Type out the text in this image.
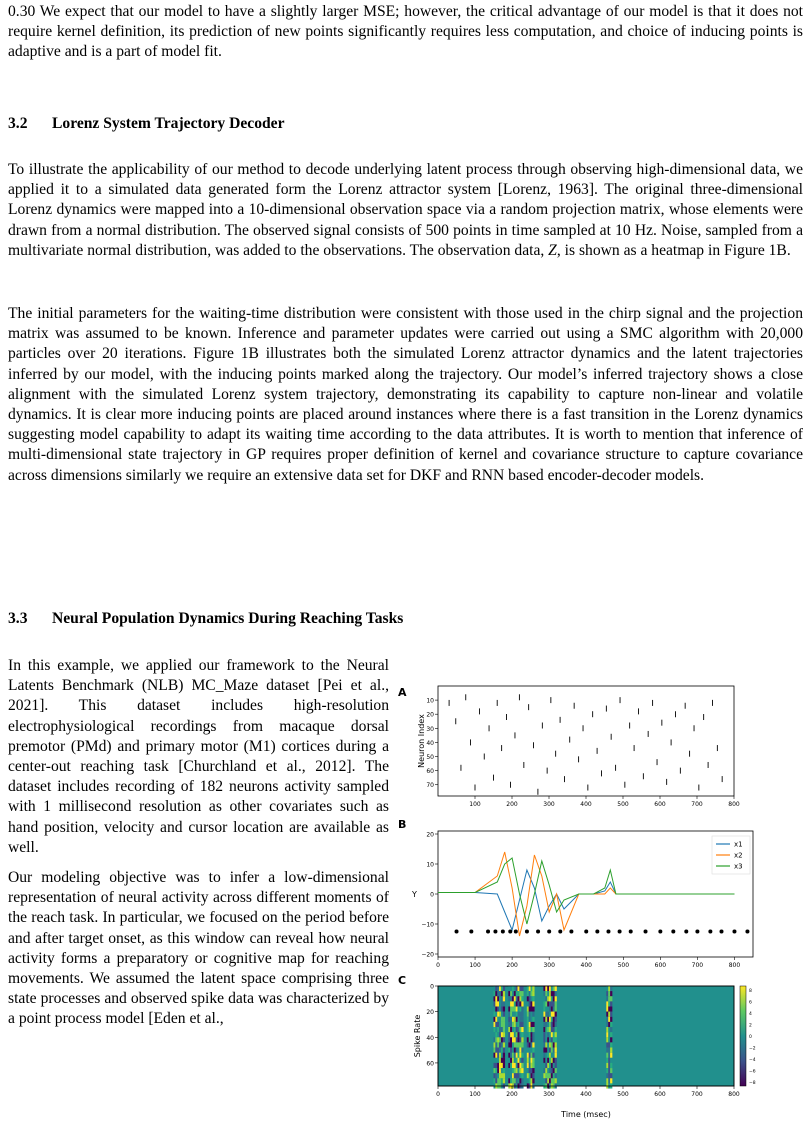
0.30 We expect that our model to have a slightly larger MSE; however, the critical advantage of our model is that it does not require kernel definition, its prediction of new points significantly requires less computation, and choice of inducing points is adaptive and is a part of model fit.

3.2 Lorenz System Trajectory Decoder

To illustrate the applicability of our method to decode underlying latent process through observing high-dimensional data, we applied it to a simulated data generated form the Lorenz attractor system [Lorenz, 1963]. The original three-dimensional Lorenz dynamics were mapped into a 10-dimensional observation space via a random projection matrix, whose elements were drawn from a normal distribution. The observed signal consists of 500 points in time sampled at 10 Hz. Noise, sampled from a multivariate normal distribution, was added to the observations. The observation data, Z, is shown as a heatmap in Figure 1B.

The initial parameters for the waiting-time distribution were consistent with those used in the chirp signal and the projection matrix was assumed to be known. Inference and parameter updates were carried out using a SMC algorithm with 20,000 particles over 20 iterations. Figure 1B illustrates both the simulated Lorenz attractor dynamics and the latent trajectories inferred by our model, with the inducing points marked along the trajectory. Our model’s inferred trajectory shows a close alignment with the simulated Lorenz system trajectory, demonstrating its capability to capture non-linear and volatile dynamics. It is clear more inducing points are placed around instances where there is a fast transition in the Lorenz dynamics suggesting model capability to adapt its waiting time according to the data attributes. It is worth to mention that inference of multi-dimensional state trajectory in GP requires proper definition of kernel and covariance structure to capture covariance across dimensions similarly we require an extensive data set for DKF and RNN based encoder-decoder models.

3.3 Neural Population Dynamics During Reaching Tasks

In this example, we applied our framework to the Neural Latents Benchmark (NLB) MC_Maze dataset [Pei et al., 2021]. This dataset includes high-resolution electrophysiological recordings from macaque dorsal premotor (PMd) and primary motor (M1) cortices during a center-out reaching task [Churchland et al., 2012]. The dataset includes recording of 182 neurons activity sampled with 1 millisecond resolution as other covariates such as hand position, velocity and cursor location are available as well.

Our modeling objective was to infer a low-dimensional representation of neural activity across different moments of the reach task. In particular, we focused on the period before and after target onset, as this window can reveal how neural activity forms a preparatory or cognitive map for reaching movements. We assumed the latent space comprising three state processes and observed spike data was characterized by a point process model [Eden et al.,

A
Neuron Index
10
20
30
40
50
60
70
100	200	300	400	500	600	700	800
B
Y
20
10
0
−10
−20
0	100	200	300	400	500	600	700	800
x1
x2
x3
C
Spike Rate
Time (msec)
0
20
40
60
0	100	200	300	400	500	600	700	800
8
6
4
2
0
−2
−4
−6
−8
